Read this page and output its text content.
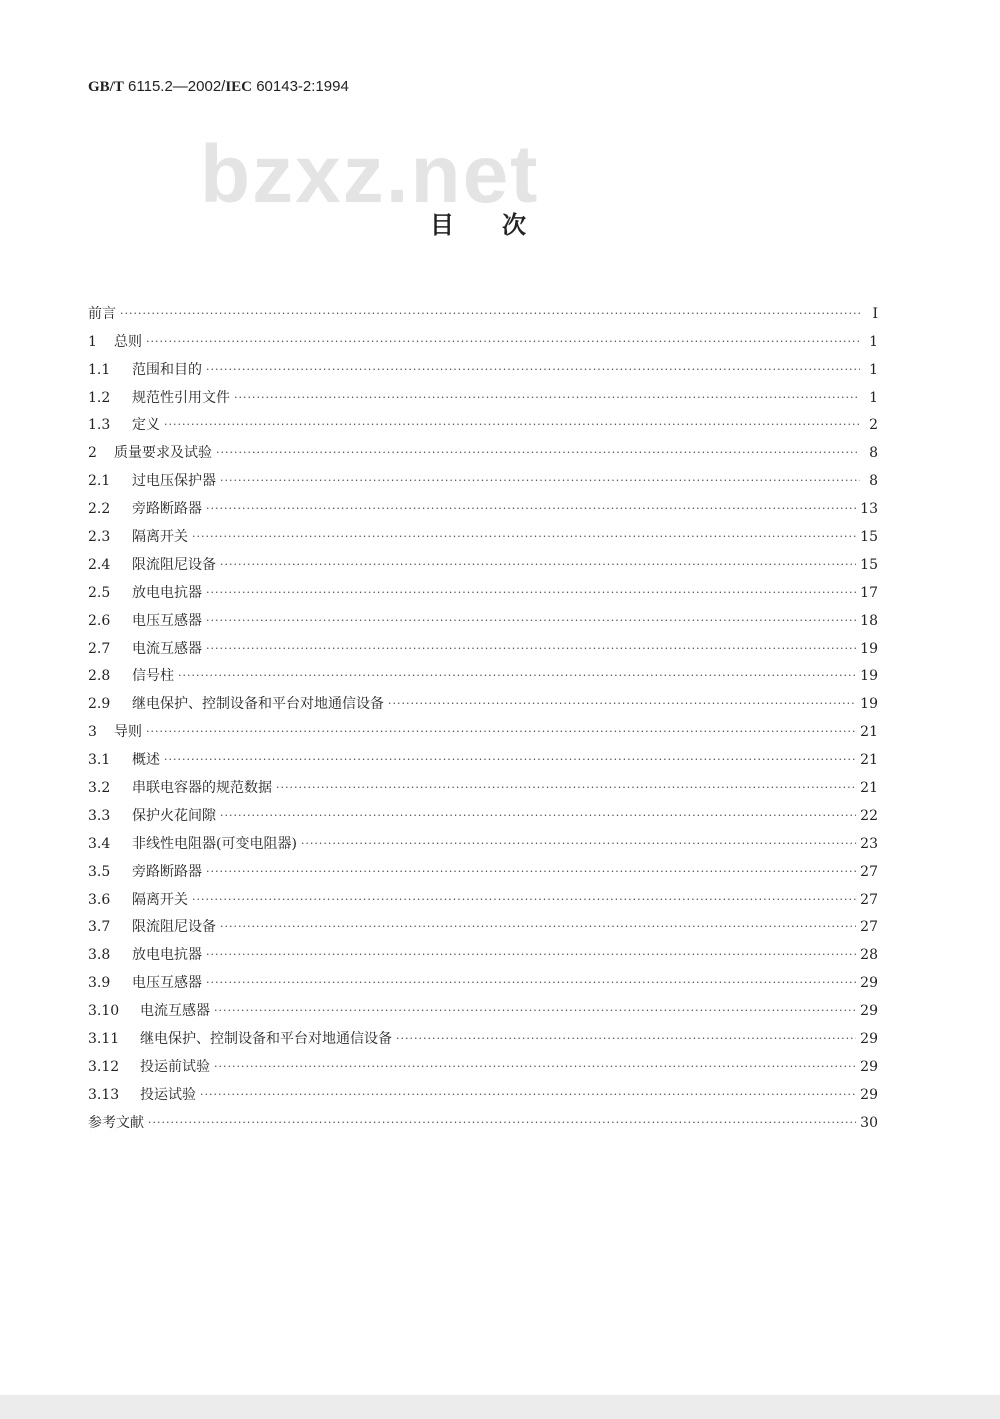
GB/T 6115.2—2002/IEC 60143-2:1994
bzxz.net
目次
前言 ·····	I
1	总则 ·····	1
1.1	范围和目的 ·····	1
1.2	规范性引用文件 ·····	1
1.3	定义 ·····	2
2	质量要求及试验 ·····	8
2.1	过电压保护器 ·····	8
2.2	旁路断路器 ·····	13
2.3	隔离开关 ·····	15
2.4	限流阻尼设备 ·····	15
2.5	放电电抗器 ·····	17
2.6	电压互感器 ·····	18
2.7	电流互感器 ·····	19
2.8	信号柱 ·····	19
2.9	继电保护、控制设备和平台对地通信设备 ·····	19
3	导则 ·····	21
3.1	概述 ·····	21
3.2	串联电容器的规范数据 ·····	21
3.3	保护火花间隙 ·····	22
3.4	非线性电阻器(可变电阻器) ·····	23
3.5	旁路断路器 ·····	27
3.6	隔离开关 ·····	27
3.7	限流阻尼设备 ·····	27
3.8	放电电抗器 ·····	28
3.9	电压互感器 ·····	29
3.10	电流互感器 ·····	29
3.11	继电保护、控制设备和平台对地通信设备 ·····	29
3.12	投运前试验 ·····	29
3.13	投运试验 ·····	29
参考文献 ·····	30
